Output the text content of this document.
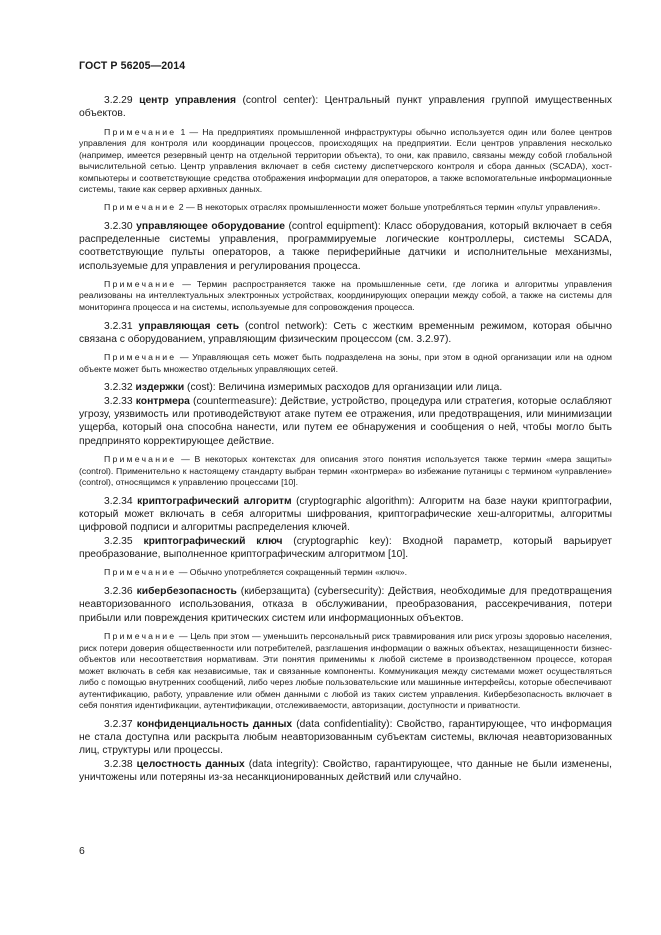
ГОСТ Р 56205—2014

3.2.29 центр управления (control center): Центральный пункт управления группой имущественных объектов.

Примечание 1 — На предприятиях промышленной инфраструктуры обычно используется один или более центров управления для контроля или координации процессов, происходящих на предприятии. Если центров управления несколько (например, имеется резервный центр на отдельной территории объекта), то они, как правило, связаны между собой глобальной вычислительной сетью. Центр управления включает в себя систему диспетчерского контроля и сбора данных (SCADA), хост-компьютеры и соответствующие средства отображения информации для операторов, а также вспомогательные информационные системы, такие как сервер архивных данных.

Примечание 2 — В некоторых отраслях промышленности может больше употребляться термин «пульт управления».

3.2.30 управляющее оборудование (control equipment): Класс оборудования, который включает в себя распределенные системы управления, программируемые логические контроллеры, системы SCADA, соответствующие пульты операторов, а также периферийные датчики и исполнительные механизмы, используемые для управления и регулирования процесса.

Примечание — Термин распространяется также на промышленные сети, где логика и алгоритмы управления реализованы на интеллектуальных электронных устройствах, координирующих операции между собой, а также на системы для мониторинга процесса и на системы, используемые для сопровождения процесса.

3.2.31 управляющая сеть (control network): Сеть с жестким временным режимом, которая обычно связана с оборудованием, управляющим физическим процессом (см. 3.2.97).

Примечание — Управляющая сеть может быть подразделена на зоны, при этом в одной организации или на одном объекте может быть множество отдельных управляющих сетей.

3.2.32 издержки (cost): Величина измеримых расходов для организации или лица.

3.2.33 контрмера (countermeasure): Действие, устройство, процедура или стратегия, которые ослабляют угрозу, уязвимость или противодействуют атаке путем ее отражения, или предотвращения, или минимизации ущерба, который она способна нанести, или путем ее обнаружения и сообщения о ней, чтобы могло быть предпринято корректирующее действие.

Примечание — В некоторых контекстах для описания этого понятия используется также термин «мера защиты» (control). Применительно к настоящему стандарту выбран термин «контрмера» во избежание путаницы с термином «управление» (control), относящимся к управлению процессами [10].

3.2.34 криптографический алгоритм (cryptographic algorithm): Алгоритм на базе науки криптографии, который может включать в себя алгоритмы шифрования, криптографические хеш-алгоритмы, алгоритмы цифровой подписи и алгоритмы распределения ключей.

3.2.35 криптографический ключ (cryptographic key): Входной параметр, который варьирует преобразование, выполненное криптографическим алгоритмом [10].

Примечание — Обычно употребляется сокращенный термин «ключ».

3.2.36 кибербезопасность (киберзащита) (cybersecurity): Действия, необходимые для предотвращения неавторизованного использования, отказа в обслуживании, преобразования, рассекречивания, потери прибыли или повреждения критических систем или информационных объектов.

Примечание — Цель при этом — уменьшить персональный риск травмирования или риск угрозы здоровью населения, риск потери доверия общественности или потребителей, разглашения информации о важных объектах, незащищенности бизнес-объектов или несоответствия нормативам. Эти понятия применимы к любой системе в производственном процессе, которая может включать в себя как независимые, так и связанные компоненты. Коммуникация между системами может осуществляться либо с помощью внутренних сообщений, либо через любые пользовательские или машинные интерфейсы, которые обеспечивают аутентификацию, работу, управление или обмен данными с любой из таких систем управления. Кибербезопасность включает в себя понятия идентификации, аутентификации, отслеживаемости, авторизации, доступности и приватности.

3.2.37 конфиденциальность данных (data confidentiality): Свойство, гарантирующее, что информация не стала доступна или раскрыта любым неавторизованным субъектам системы, включая неавторизованных лиц, структуры или процессы.

3.2.38 целостность данных (data integrity): Свойство, гарантирующее, что данные не были изменены, уничтожены или потеряны из-за несанкционированных действий или случайно.

6
